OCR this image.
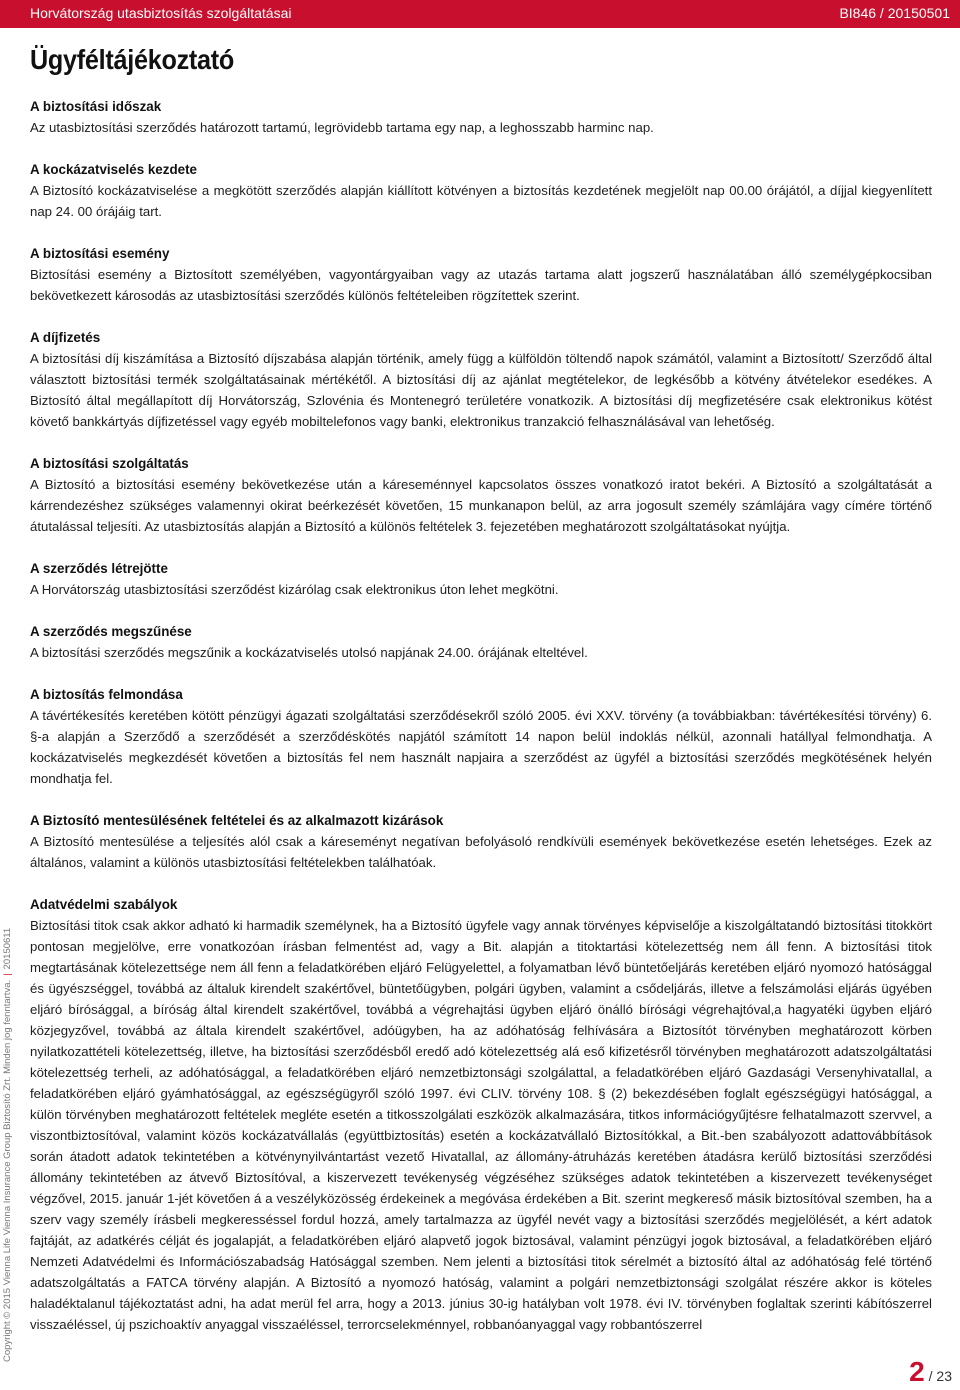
Horvátország utasbiztosítás szolgáltatásai	BI846 / 20150501
Ügyféltájékoztató
A biztosítási időszak

Az utasbiztosítási szerződés határozott tartamú, legrövidebb tartama egy nap, a leghosszabb harminc nap.

A kockázatviselés kezdete

A Biztosító kockázatviselése a megkötött szerződés alapján kiállított kötvényen a biztosítás kezdetének megjelölt nap 00.00 órájától, a díjjal kiegyenlített nap 24. 00 órájáig tart.

A biztosítási esemény

Biztosítási esemény a Biztosított személyében, vagyontárgyaiban vagy az utazás tartama alatt jogszerű használatában álló személygépkocsiban bekövetkezett károsodás az utasbiztosítási szerződés különös feltételeiben rögzítettek szerint.

A díjfizetés

A biztosítási díj kiszámítása a Biztosító díjszabása alapján történik, amely függ a külföldön töltendő napok számától, valamint a Biztosított/ Szerződő által választott biztosítási termék szolgáltatásainak mértékétől. A biztosítási díj az ajánlat megtételekor, de legkésőbb a kötvény átvételekor esedékes. A Biztosító által megállapított díj Horvátország, Szlovénia és Montenegró területére vonatkozik. A biztosítási díj megfizetésére csak elektronikus kötést követő bankkártyás díjfizetéssel vagy egyéb mobiltelefonos vagy banki, elektronikus tranzakció felhasználásával van lehetőség.

A biztosítási szolgáltatás

A Biztosító a biztosítási esemény bekövetkezése után a káreseménnyel kapcsolatos összes vonatkozó iratot bekéri. A Biztosító a szolgáltatását a kárrendezéshez szükséges valamennyi okirat beérkezését követően, 15 munkanapon belül, az arra jogosult személy számlájára vagy címére történő átutalással teljesíti. Az utasbiztosítás alapján a Biztosító a különös feltételek 3. fejezetében meghatározott szolgáltatásokat nyújtja.

A szerződés létrejötte

A Horvátország utasbiztosítási szerződést kizárólag csak elektronikus úton lehet megkötni.

A szerződés megszűnése

A biztosítási szerződés megszűnik a kockázatviselés utolsó napjának 24.00. órájának elteltével.

A biztosítás felmondása

A távértékesítés keretében kötött pénzügyi ágazati szolgáltatási szerződésekről szóló 2005. évi XXV. törvény (a továbbiakban: távértékesítési törvény) 6. §-a alapján a Szerződő a szerződését a szerződéskötés napjától számított 14 napon belül indoklás nélkül, azonnali hatállyal felmondhatja. A kockázatviselés megkezdését követően a biztosítás fel nem használt napjaira a szerződést az ügyfél a biztosítási szerződés megkötésének helyén mondhatja fel.

A Biztosító mentesülésének feltételei és az alkalmazott kizárások

A Biztosító mentesülése a teljesítés alól csak a káreseményt negatívan befolyásoló rendkívüli események bekövetkezése esetén lehetséges. Ezek az általános, valamint a különös utasbiztosítási feltételekben találhatóak.

Adatvédelmi szabályok

Biztosítási titok csak akkor adható ki harmadik személynek, ha a Biztosító ügyfele vagy annak törvényes képviselője a kiszolgáltatandó biztosítási titokkört pontosan megjelölve, erre vonatkozóan írásban felmentést ad, vagy a Bit. alapján a titoktartási kötelezettség nem áll fenn. A biztosítási titok megtartásának kötelezettsége nem áll fenn a feladatkörében eljáró Felügyelettel, a folyamatban lévő büntetőeljárás keretében eljáró nyomozó hatósággal és ügyészséggel, továbbá az általuk kirendelt szakértővel, büntetőügyben, polgári ügyben, valamint a csődeljárás, illetve a felszámolási eljárás ügyében eljáró bírósággal, a bíróság által kirendelt szakértővel, továbbá a végrehajtási ügyben eljáró önálló bírósági végrehajtóval,a hagyatéki ügyben eljáró közjegyzővel, továbbá az általa kirendelt szakértővel, adóügyben, ha az adóhatóság felhívására a Biztosítót törvényben meghatározott körben nyilatkozattételi kötelezettség, illetve, ha biztosítási szerződésből eredő adó kötelezettség alá eső kifizetésről törvényben meghatározott adatszolgáltatási kötelezettség terheli, az adóhatósággal, a feladatkörében eljáró nemzetbiztonsági szolgálattal, a feladatkörében eljáró Gazdasági Versenyhivatallal, a feladatkörében eljáró gyámhatósággal, az egészségügyről szóló 1997. évi CLIV. törvény 108. § (2) bekezdésében foglalt egészségügyi hatósággal, a külön törvényben meghatározott feltételek megléte esetén a titkosszolgálati eszközök alkalmazására, titkos információgyűjtésre felhatalmazott szervvel, a viszontbiztosítóval, valamint közös kockázatvállalás (együttbiztosítás) esetén a kockázatvállaló Biztosítókkal, a Bit.-ben szabályozott adattovábbítások során átadott adatok tekintetében a kötvénynyilvántartást vezető Hivatallal, az állomány-átruházás keretében átadásra kerülő biztosítási szerződési állomány tekintetében az átvevő Biztosítóval, a kiszervezett tevékenység végzéséhez szükséges adatok tekintetében a kiszervezett tevékenységet végzővel, 2015. január 1-jét követően á a veszélyközösség érdekeinek a megóvása érdekében a Bit. szerint megkereső másik biztosítóval szemben, ha a szerv vagy személy írásbeli megkeresséssel fordul hozzá, amely tartalmazza az ügyfél nevét vagy a biztosítási szerződés megjelölését, a kért adatok fajtáját, az adatkérés célját és jogalapját, a feladatkörében eljáró alapvető jogok biztosával, valamint pénzügyi jogok biztosával, a feladatkörében eljáró Nemzeti Adatvédelmi és Információszabadság Hatósággal szemben. Nem jelenti a biztosítási titok sérelmét a biztosító által az adóhatóság felé történő adatszolgáltatás a FATCA törvény alapján. A Biztosító a nyomozó hatóság, valamint a polgári nemzetbiztonsági szolgálat részére akkor is köteles haladéktalanul tájékoztatást adni, ha adat merül fel arra, hogy a 2013. június 30-ig hatályban volt 1978. évi IV. törvényben foglaltak szerinti kábítószerrel visszaéléssel, új pszichoaktív anyaggal visszaéléssel, terrorcselekménnyel, robbanóanyaggal vagy robbantószerrel

Copyright © 2015 Vienna Life Vienna Insurance Group Biztosító Zrt. Minden jog fenntartva.|20150611
2 / 23
